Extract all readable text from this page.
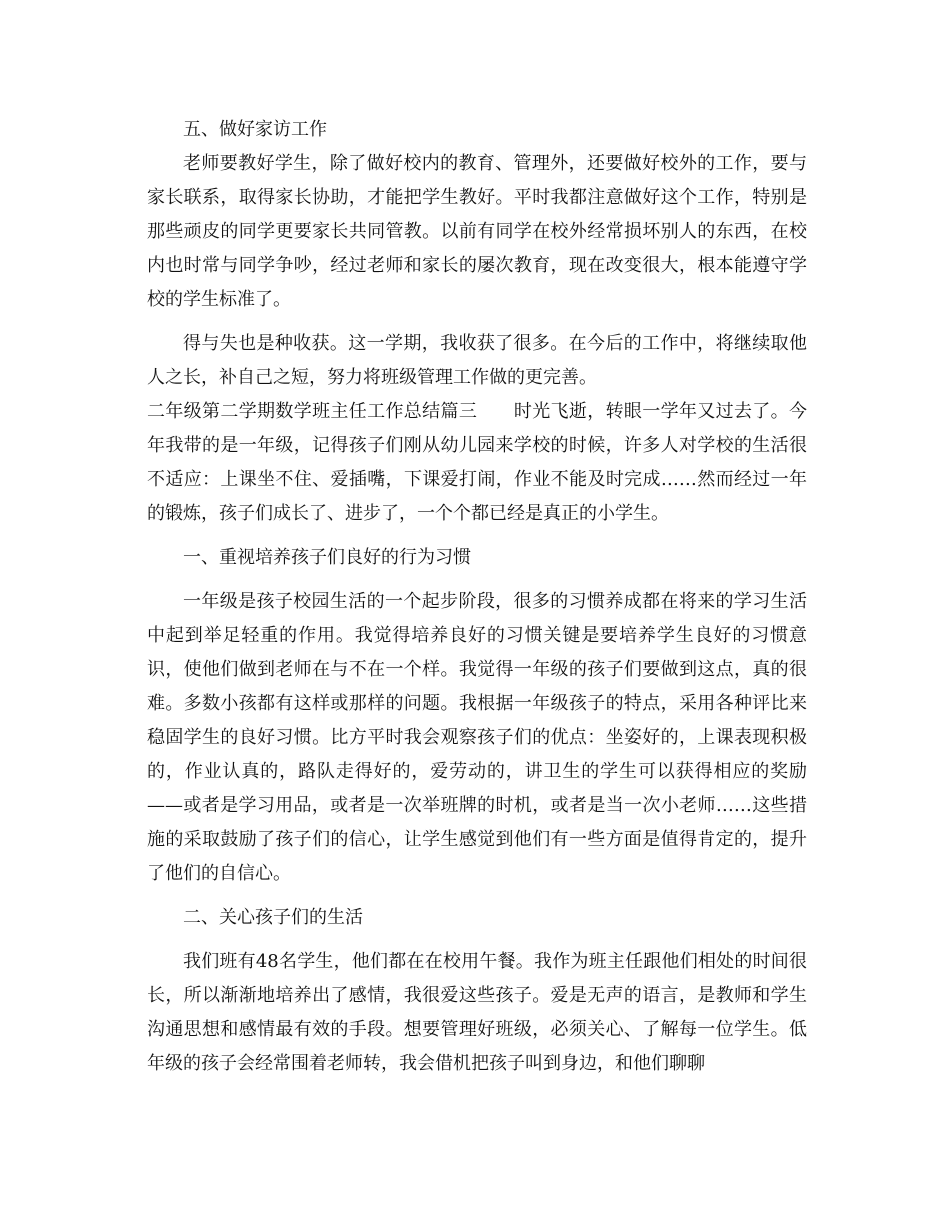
五、做好家访工作

老师要教好学生，除了做好校内的教育、管理外，还要做好校外的工作，要与家长联系，取得家长协助，才能把学生教好。平时我都注意做好这个工作，特别是那些顽皮的同学更要家长共同管教。以前有同学在校外经常损坏别人的东西，在校内也时常与同学争吵，经过老师和家长的屡次教育，现在改变很大，根本能遵守学校的学生标准了。

得与失也是种收获。这一学期，我收获了很多。在今后的工作中，将继续取他人之长，补自己之短，努力将班级管理工作做的更完善。

二年级第二学期数学班主任工作总结篇三　　时光飞逝，转眼一学年又过去了。今年我带的是一年级，记得孩子们刚从幼儿园来学校的时候，许多人对学校的生活很不适应：上课坐不住、爱插嘴，下课爱打闹，作业不能及时完成……然而经过一年的锻炼，孩子们成长了、进步了，一个个都已经是真正的小学生。

一、重视培养孩子们良好的行为习惯

一年级是孩子校园生活的一个起步阶段，很多的习惯养成都在将来的学习生活中起到举足轻重的作用。我觉得培养良好的习惯关键是要培养学生良好的习惯意识，使他们做到老师在与不在一个样。我觉得一年级的孩子们要做到这点，真的很难。多数小孩都有这样或那样的问题。我根据一年级孩子的特点，采用各种评比来稳固学生的良好习惯。比方平时我会观察孩子们的优点：坐姿好的，上课表现积极的，作业认真的，路队走得好的，爱劳动的，讲卫生的学生可以获得相应的奖励——或者是学习用品，或者是一次举班牌的时机，或者是当一次小老师……这些措施的采取鼓励了孩子们的信心，让学生感觉到他们有一些方面是值得肯定的，提升了他们的自信心。

二、关心孩子们的生活

我们班有48名学生，他们都在在校用午餐。我作为班主任跟他们相处的时间很长，所以渐渐地培养出了感情，我很爱这些孩子。爱是无声的语言，是教师和学生沟通思想和感情最有效的手段。想要管理好班级，必须关心、了解每一位学生。低年级的孩子会经常围着老师转，我会借机把孩子叫到身边，和他们聊聊
